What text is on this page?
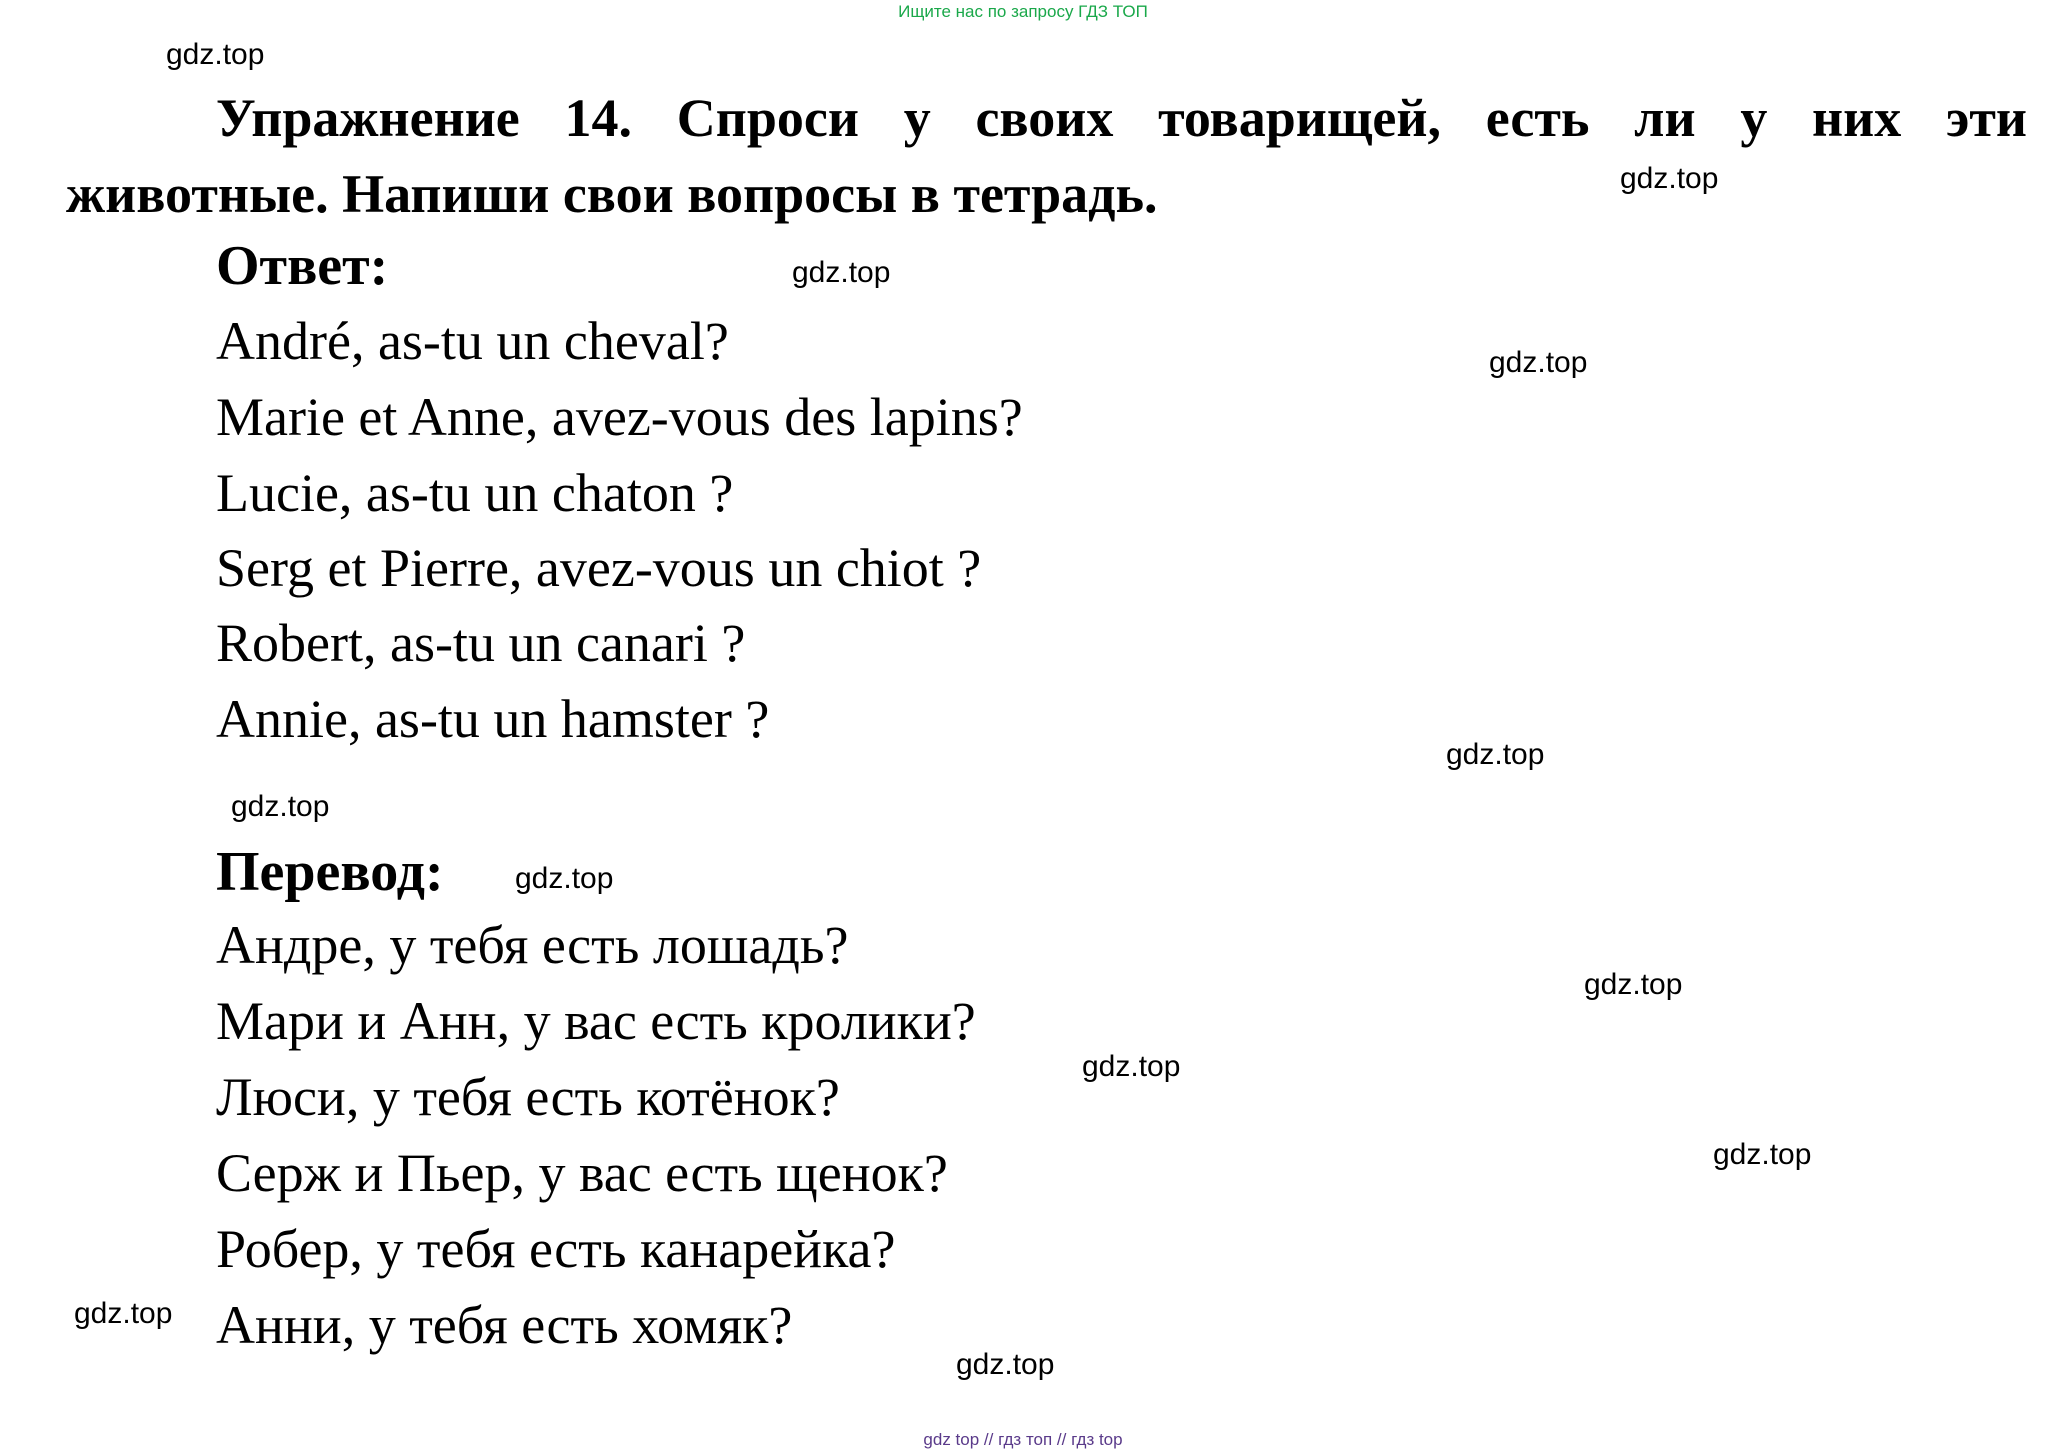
Ищите нас по запросу ГДЗ ТОП
gdz.top
Упражнение 14. Спроси у своих товарищей, есть ли у них эти
животные. Напиши свои вопросы в тетрадь.	gdz.top
Ответ:	gdz.top
André, as-tu un cheval?	gdz.top
Marie et Anne, avez-vous des lapins?
Lucie, as-tu un chaton ?
Serg et Pierre, avez-vous un chiot ?
Robert, as-tu un canari ?
Annie, as-tu un hamster ?
gdz.top
gdz.top
Перевод: gdz.top
Андре, у тебя есть лошадь?
gdz.top
Мари и Анн, у вас есть кролики?
gdz.top
Люси, у тебя есть котёнок?
gdz.top
Серж и Пьер, у вас есть щенок?
Робер, у тебя есть канарейка?
gdz.top Анни, у тебя есть хомяк?
gdz.top
gdz top // гдз топ // гдз top
